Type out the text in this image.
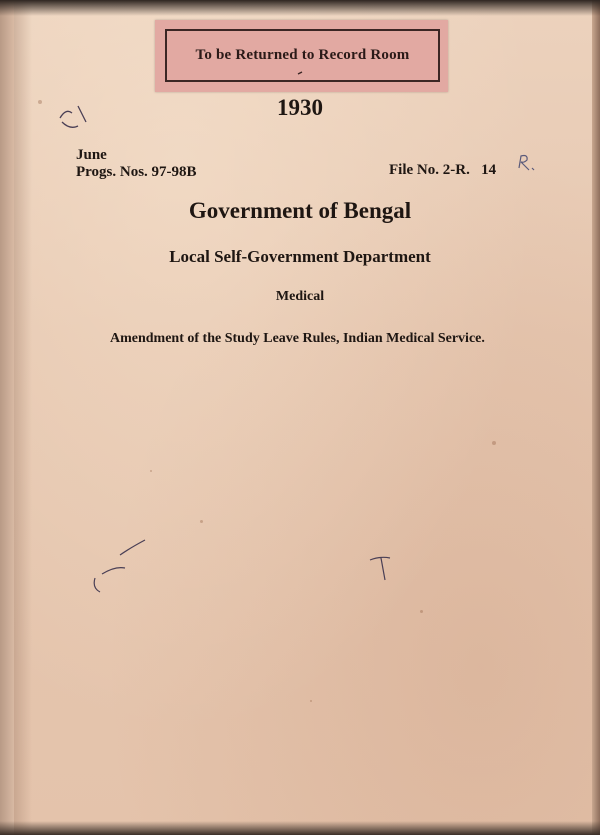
To be Returned to Record Room
1930
June
Progs. Nos. 97-98B	File No. 2-R.   14
Government of Bengal
Local Self-Government Department
Medical
Amendment of the Study Leave Rules, Indian Medical Service.
